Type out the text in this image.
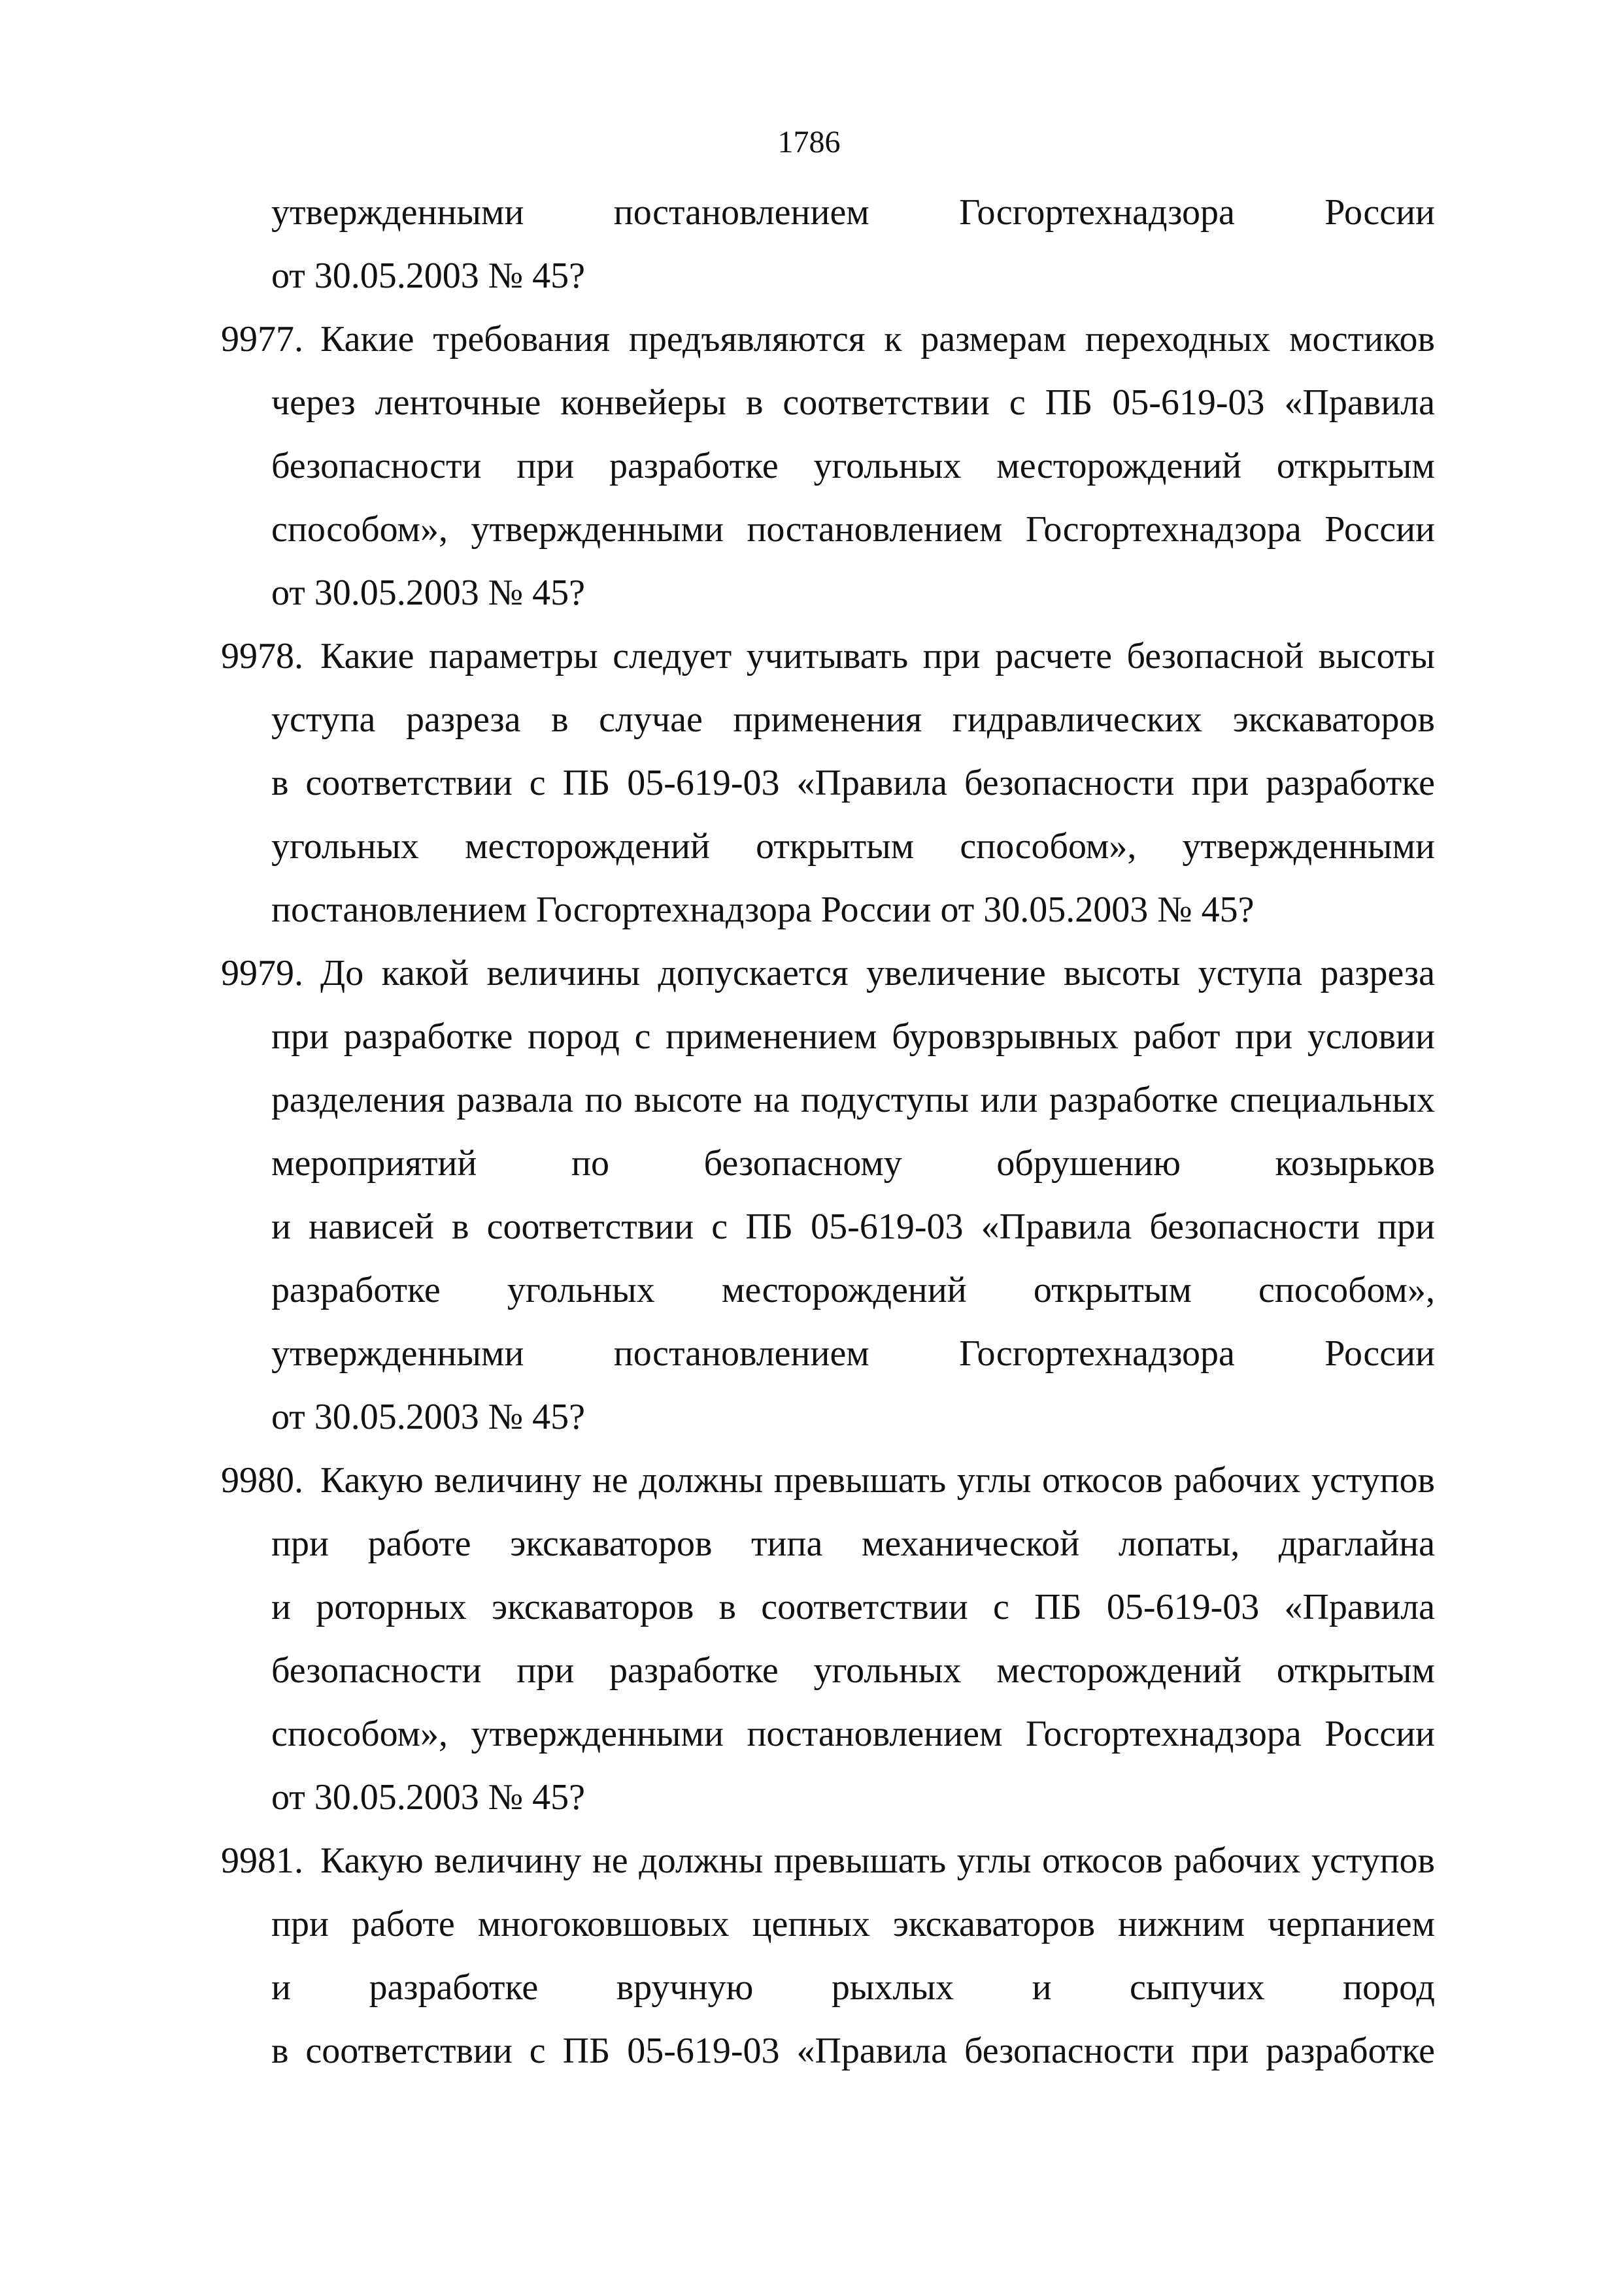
1786
утвержденными постановлением Госгортехнадзора России
от 30.05.2003 № 45?
9977. Какие требования предъявляются к размерам переходных мостиков
через ленточные конвейеры в соответствии с ПБ 05-619-03 «Правила
безопасности при разработке угольных месторождений открытым
способом», утвержденными постановлением Госгортехнадзора России
от 30.05.2003 № 45?
9978. Какие параметры следует учитывать при расчете безопасной высоты
уступа разреза в случае применения гидравлических экскаваторов
в соответствии с ПБ 05-619-03 «Правила безопасности при разработке
угольных месторождений открытым способом», утвержденными
постановлением Госгортехнадзора России от 30.05.2003 № 45?
9979. До какой величины допускается увеличение высоты уступа разреза
при разработке пород с применением буровзрывных работ при условии
разделения развала по высоте на подуступы или разработке специальных
мероприятий по безопасному обрушению козырьков
и нависей в соответствии с ПБ 05-619-03 «Правила безопасности при
разработке угольных месторождений открытым способом»,
утвержденными постановлением Госгортехнадзора России
от 30.05.2003 № 45?
9980. Какую величину не должны превышать углы откосов рабочих уступов
при работе экскаваторов типа механической лопаты, драглайна
и роторных экскаваторов в соответствии с ПБ 05-619-03 «Правила
безопасности при разработке угольных месторождений открытым
способом», утвержденными постановлением Госгортехнадзора России
от 30.05.2003 № 45?
9981. Какую величину не должны превышать углы откосов рабочих уступов
при работе многоковшовых цепных экскаваторов нижним черпанием
и разработке вручную рыхлых и сыпучих пород
в соответствии с ПБ 05-619-03 «Правила безопасности при разработке
